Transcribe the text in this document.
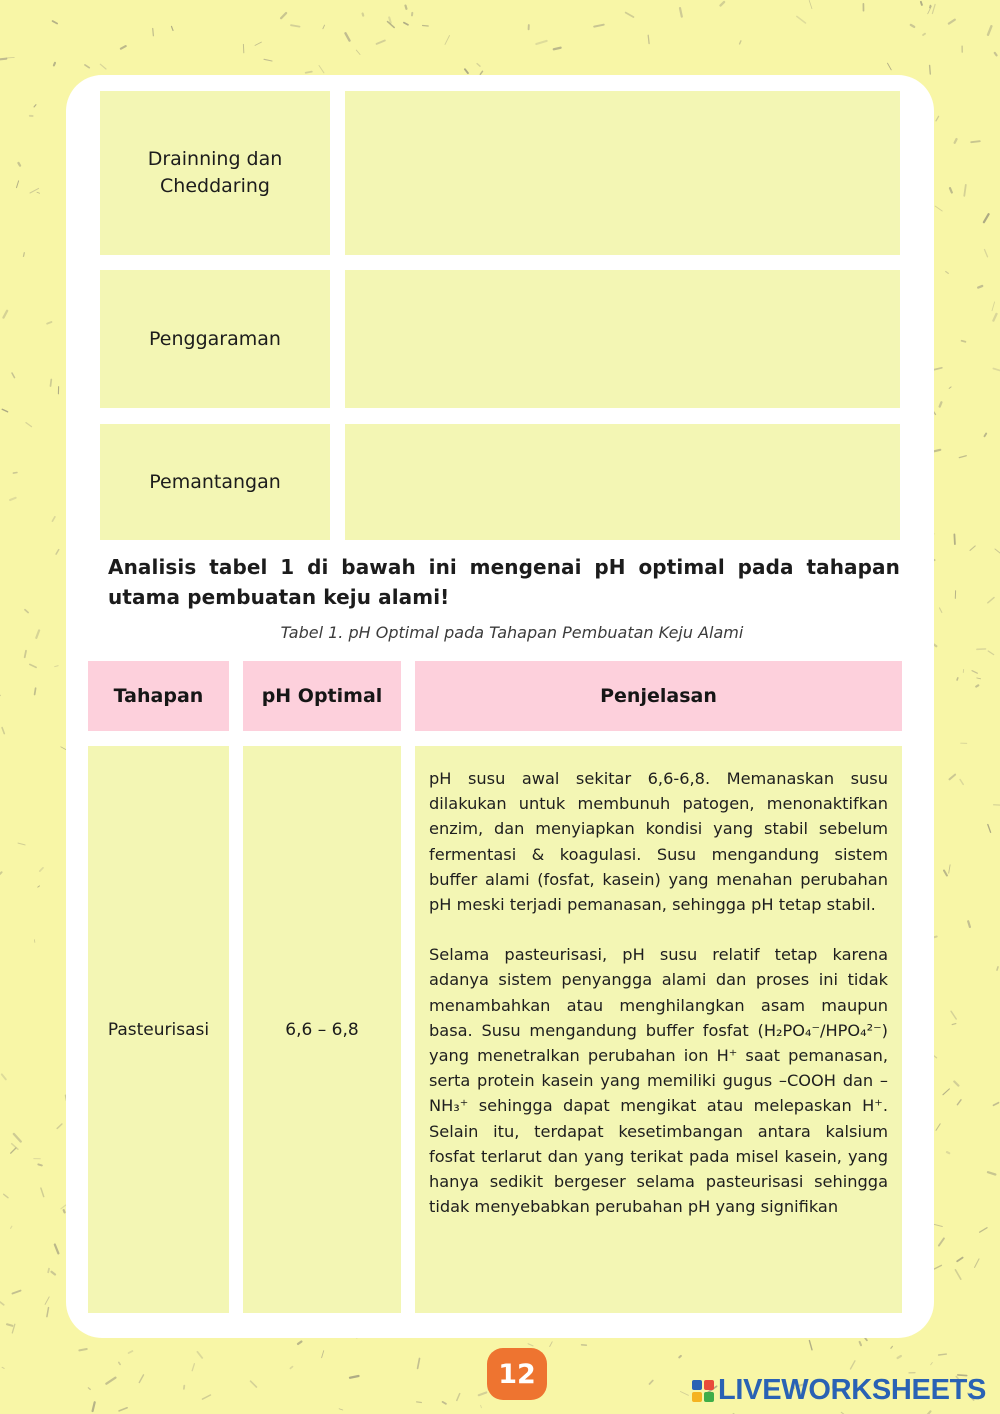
Drainning dan Cheddaring
Penggaraman
Pemantangan
Analisis tabel 1 di bawah ini mengenai pH optimal pada tahapan utama pembuatan keju alami!
Tabel 1. pH Optimal pada Tahapan Pembuatan Keju Alami
Tahapan	pH Optimal	Penjelasan
Pasteurisasi	6,6 – 6,8

pH susu awal sekitar 6,6-6,8. Memanaskan susu dilakukan untuk membunuh patogen, menonaktifkan enzim, dan menyiapkan kondisi yang stabil sebelum fermentasi & koagulasi. Susu mengandung sistem buffer alami (fosfat, kasein) yang menahan perubahan pH meski terjadi pemanasan, sehingga pH tetap stabil.

Selama pasteurisasi, pH susu relatif tetap karena adanya sistem penyangga alami dan proses ini tidak menambahkan atau menghilangkan asam maupun basa. Susu mengandung buffer fosfat (H₂PO₄⁻/HPO₄²⁻) yang menetralkan perubahan ion H⁺ saat pemanasan, serta protein kasein yang memiliki gugus –COOH dan –NH₃⁺ sehingga dapat mengikat atau melepaskan H⁺. Selain itu, terdapat kesetimbangan antara kalsium fosfat terlarut dan yang terikat pada misel kasein, yang hanya sedikit bergeser selama pasteurisasi sehingga tidak menyebabkan perubahan pH yang signifikan

12	LIVEWORKSHEETS
